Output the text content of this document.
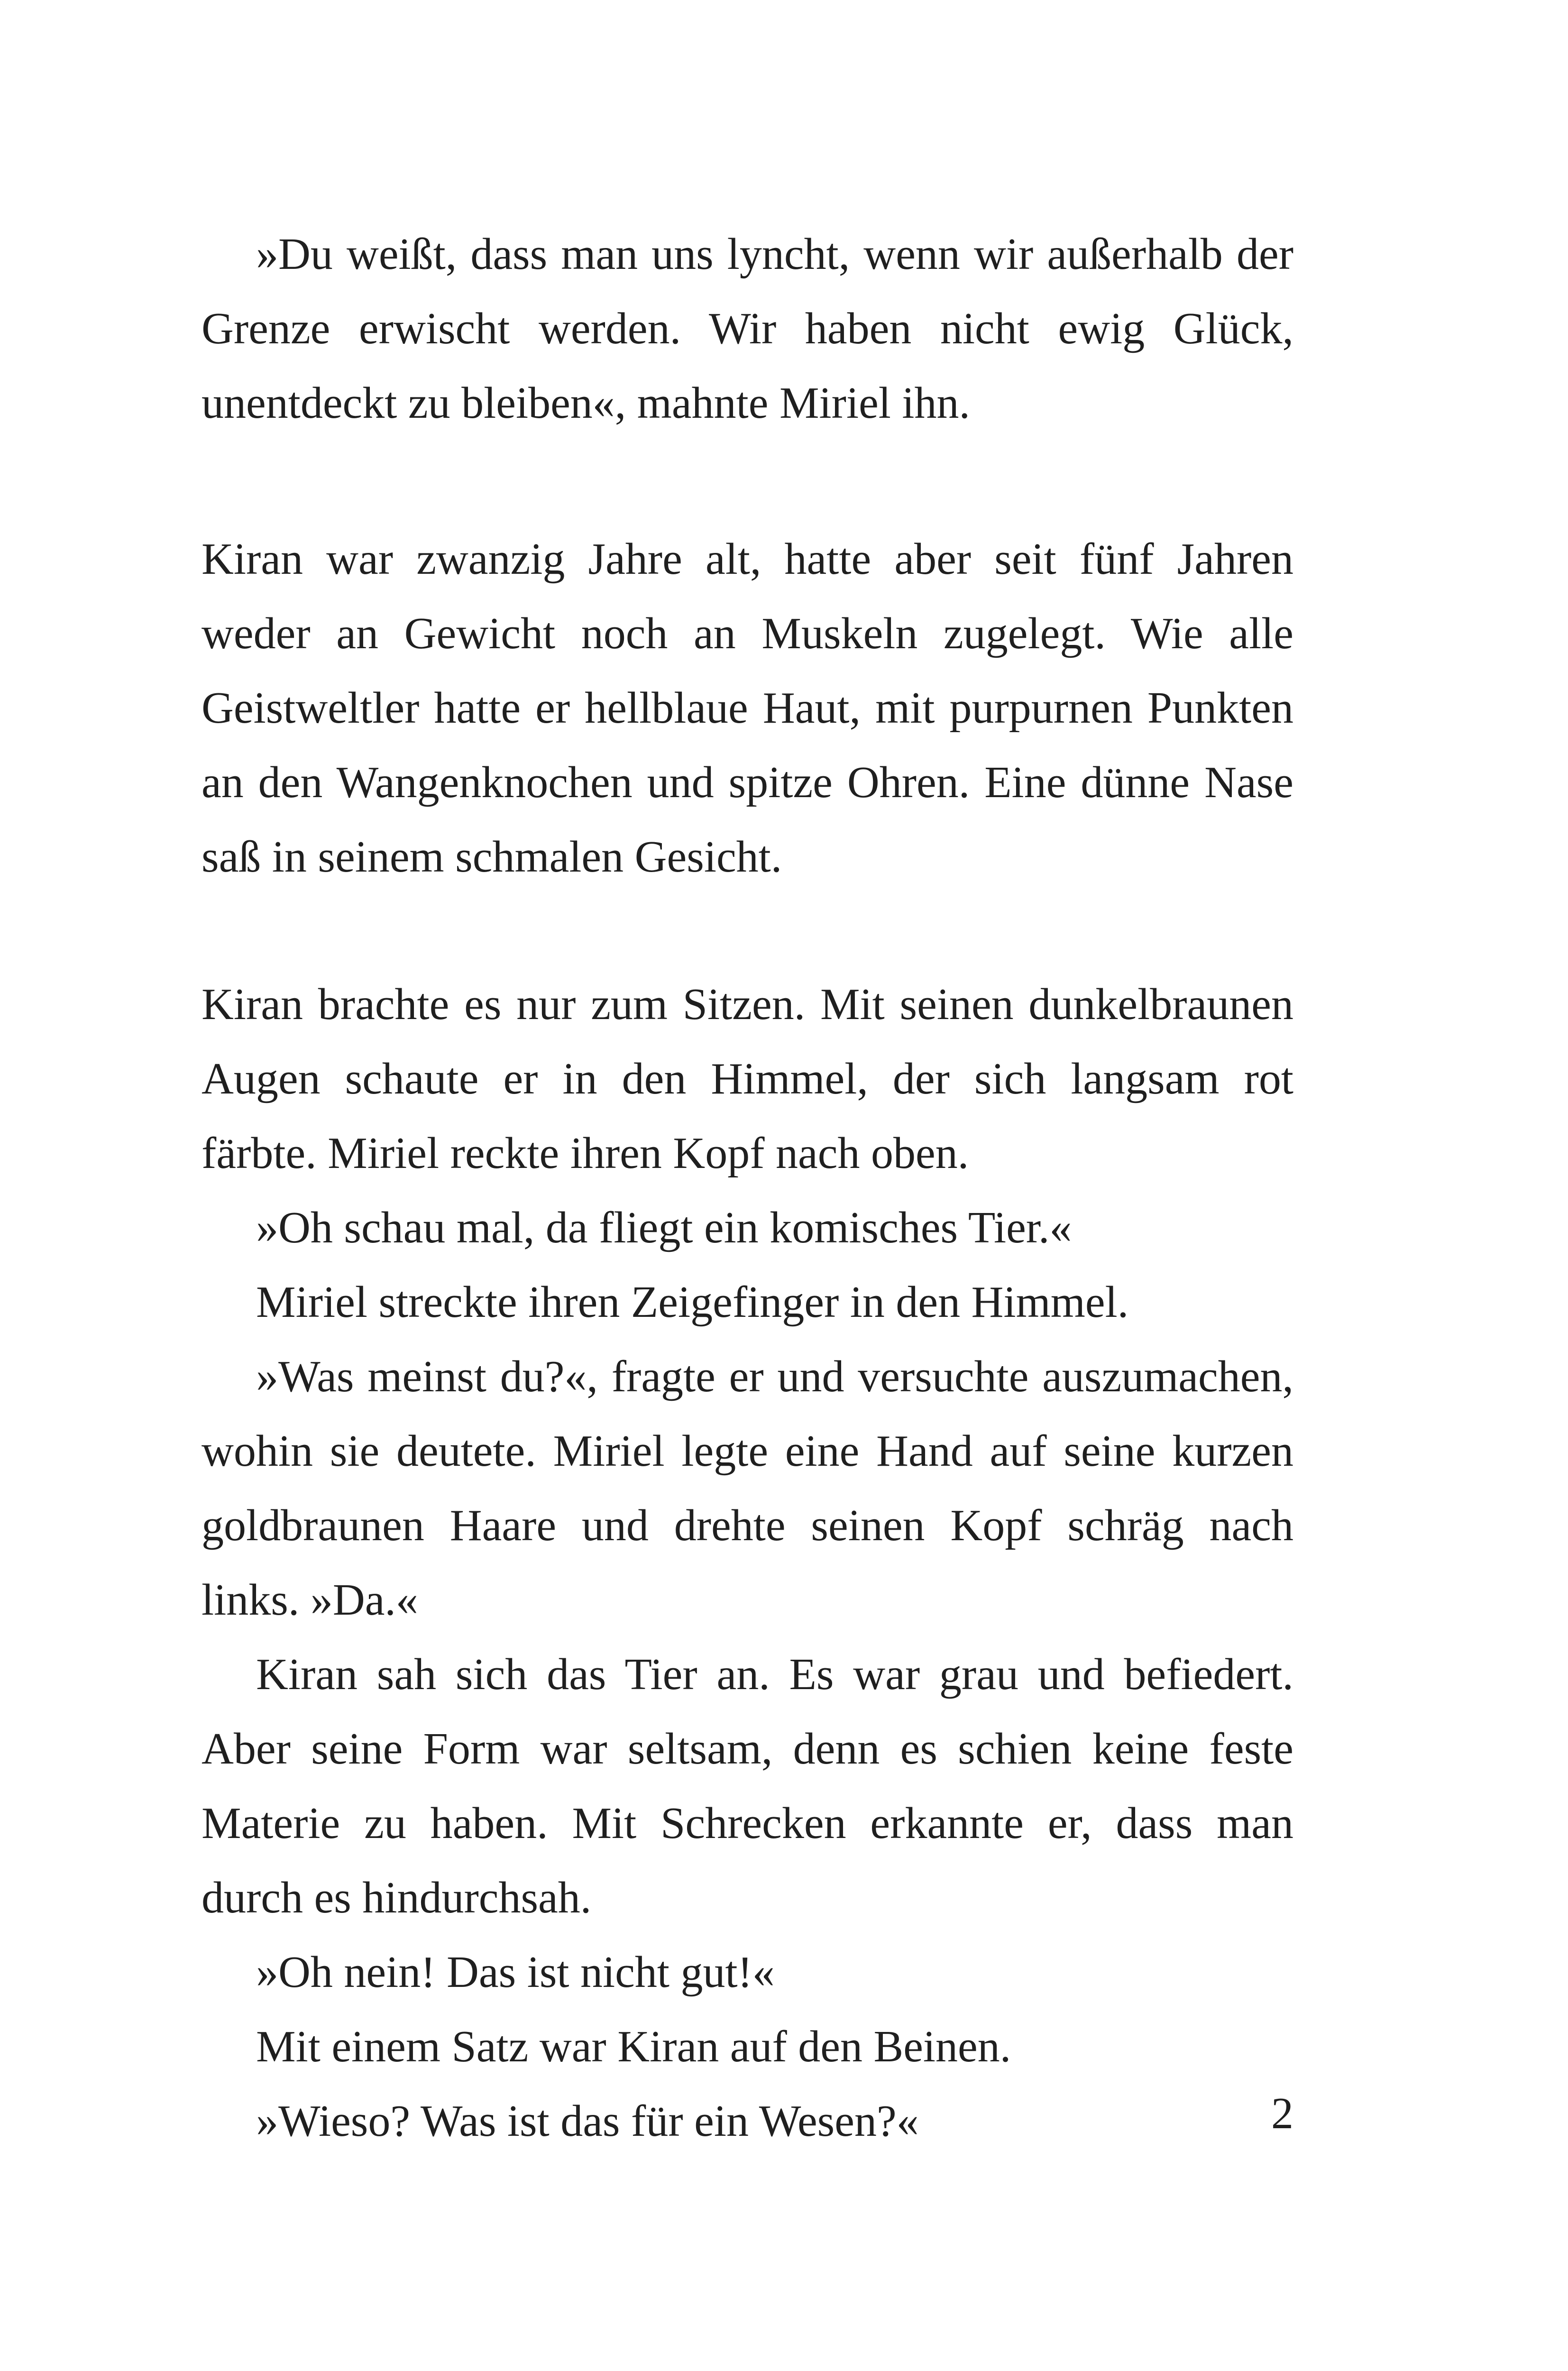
»Du weißt, dass man uns lyncht, wenn wir außerhalb der Grenze erwischt werden. Wir haben nicht ewig Glück, unentdeckt zu bleiben«, mahnte Miriel ihn.

Kiran war zwanzig Jahre alt, hatte aber seit fünf Jahren weder an Gewicht noch an Muskeln zugelegt. Wie alle Geistweltler hatte er hellblaue Haut, mit purpurnen Punkten an den Wangenknochen und spitze Ohren. Eine dünne Nase saß in seinem schmalen Gesicht.

Kiran brachte es nur zum Sitzen. Mit seinen dunkelbraunen Augen schaute er in den Himmel, der sich langsam rot färbte. Miriel reckte ihren Kopf nach oben.

»Oh schau mal, da fliegt ein komisches Tier.«

Miriel streckte ihren Zeigefinger in den Himmel.

»Was meinst du?«, fragte er und versuchte auszumachen, wohin sie deutete. Miriel legte eine Hand auf seine kurzen goldbraunen Haare und drehte seinen Kopf schräg nach links. »Da.«

Kiran sah sich das Tier an. Es war grau und befiedert. Aber seine Form war seltsam, denn es schien keine feste Materie zu haben. Mit Schrecken erkannte er, dass man durch es hindurchsah.

»Oh nein! Das ist nicht gut!«

Mit einem Satz war Kiran auf den Beinen.

»Wieso? Was ist das für ein Wesen?«	2
